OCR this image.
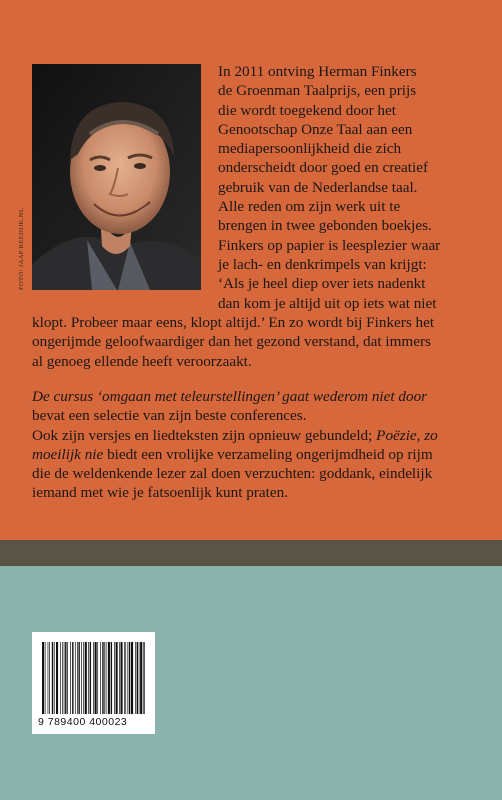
FOTO: JAAP REEDIJK.NL
In 2011 ontving Herman Finkers
de Groenman Taalprijs, een prijs
die wordt toegekend door het
Genootschap Onze Taal aan een
mediapersoonlijkheid die zich
onderscheidt door goed en creatief
gebruik van de Nederlandse taal.
Alle reden om zijn werk uit te
brengen in twee gebonden boekjes.
Finkers op papier is leesplezier waar
je lach- en denkrimpels van krijgt:
‘Als je heel diep over iets nadenkt
dan kom je altijd uit op iets wat niet
klopt. Probeer maar eens, klopt altijd.’ En zo wordt bij Finkers het
ongerijmde geloofwaardiger dan het gezond verstand, dat immers
al genoeg ellende heeft veroorzaakt.
De cursus ‘omgaan met teleurstellingen’ gaat wederom niet door
bevat een selectie van zijn beste conferences.
Ook zijn versjes en liedteksten zijn opnieuw gebundeld; Poëzie, zo
moeilijk nie biedt een vrolijke verzameling ongerijmdheid op rijm
die de weldenkende lezer zal doen verzuchten: goddank, eindelijk
iemand met wie je fatsoenlijk kunt praten.
9 789400 400023
